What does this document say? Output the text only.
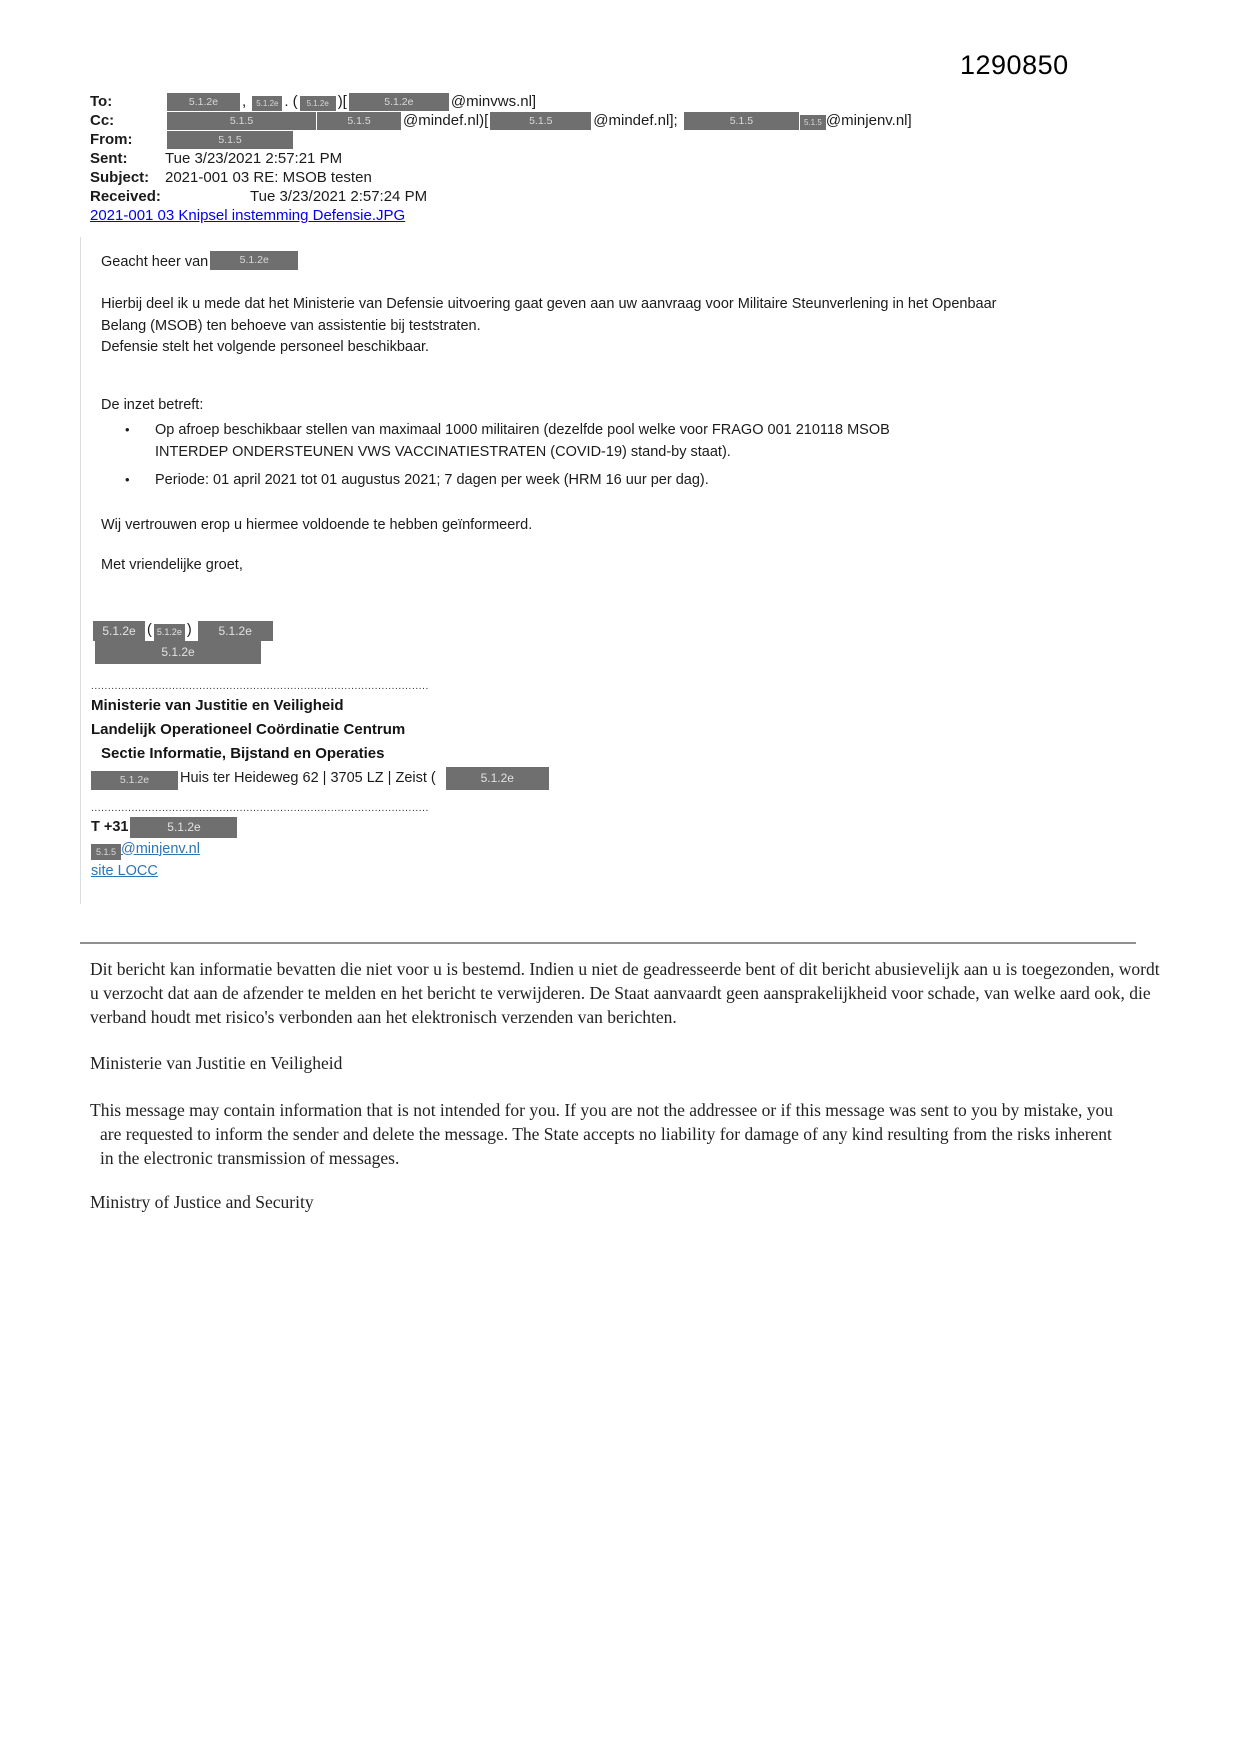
1290850
To:	5.1.2e , 5.1.2e . ( 5.1.2e )[	5.1.2e @minvws.nl]
Cc:	5.1.5	5.1.5 @mindef.nl)[	5.1.5	@mindef.nl];	5.1.5	5.1.5 @minjenv.nl]
From:	5.1.5
Sent:	Tue 3/23/2021 2:57:21 PM
Subject:	2021-001 03 RE: MSOB testen
Received:	Tue 3/23/2021 2:57:24 PM
2021-001 03 Knipsel instemming Defensie.JPG
Geacht heer van	5.1.2e
Hierbij deel ik u mede dat het Ministerie van Defensie uitvoering gaat geven aan uw aanvraag voor Militaire Steunverlening in het Openbaar Belang (MSOB) ten behoeve van assistentie bij teststraten.
Defensie stelt het volgende personeel beschikbaar.
De inzet betreft:
•	Op afroep beschikbaar stellen van maximaal 1000 militairen (dezelfde pool welke voor FRAGO 001 210118 MSOB INTERDEP ONDERSTEUNEN VWS VACCINATIESTRATEN (COVID-19) stand-by staat).
•	Periode: 01 april 2021 tot 01 augustus 2021; 7 dagen per week (HRM 16 uur per dag).
Wij vertrouwen erop u hiermee voldoende te hebben geïnformeerd.
Met vriendelijke groet,
5.1.2e ( 5.1.2e ) 5.1.2e
5.1.2e
....................................................................................................
Ministerie van Justitie en Veiligheid
Landelijk Operationeel Coördinatie Centrum
Sectie Informatie, Bijstand en Operaties
5.1.2e Huis ter Heideweg 62 | 3705 LZ | Zeist (	5.1.2e
....................................................................................................
T +31	5.1.2e
5.1.5 @minjenv.nl
site LOCC
Dit bericht kan informatie bevatten die niet voor u is bestemd. Indien u niet de geadresseerde bent of dit bericht abusievelijk aan u is toegezonden, wordt u verzocht dat aan de afzender te melden en het bericht te verwijderen. De Staat aanvaardt geen aansprakelijkheid voor schade, van welke aard ook, die verband houdt met risico's verbonden aan het elektronisch verzenden van berichten.
Ministerie van Justitie en Veiligheid
This message may contain information that is not intended for you. If you are not the addressee or if this message was sent to you by mistake, you are requested to inform the sender and delete the message. The State accepts no liability for damage of any kind resulting from the risks inherent in the electronic transmission of messages.
Ministry of Justice and Security
